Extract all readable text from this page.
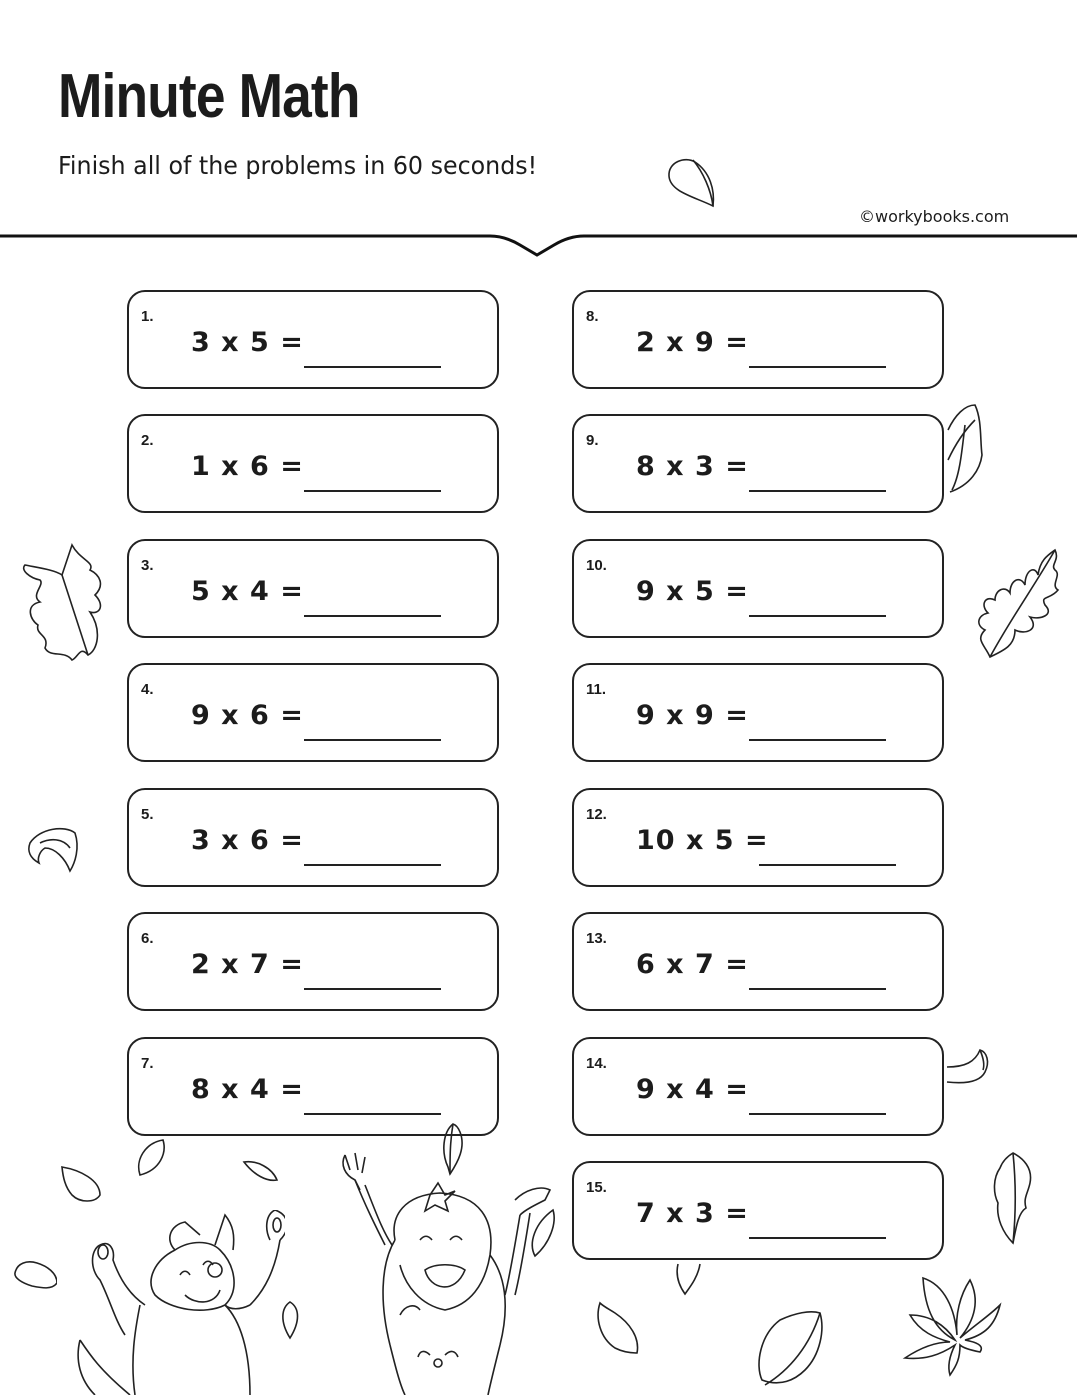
Minute Math
Finish all of the problems in 60 seconds!
©workybooks.com
1.
3 x 5 =
2.
1 x 6 =
3.
5 x 4 =
4.
9 x 6 =
5.
3 x 6 =
6.
2 x 7 =
7.
8 x 4 =
8.
2 x 9 =
9.
8 x 3 =
10.
9 x 5 =
11.
9 x 9 =
12.
10 x 5 =
13.
6 x 7 =
14.
9 x 4 =
15.
7 x 3 =
